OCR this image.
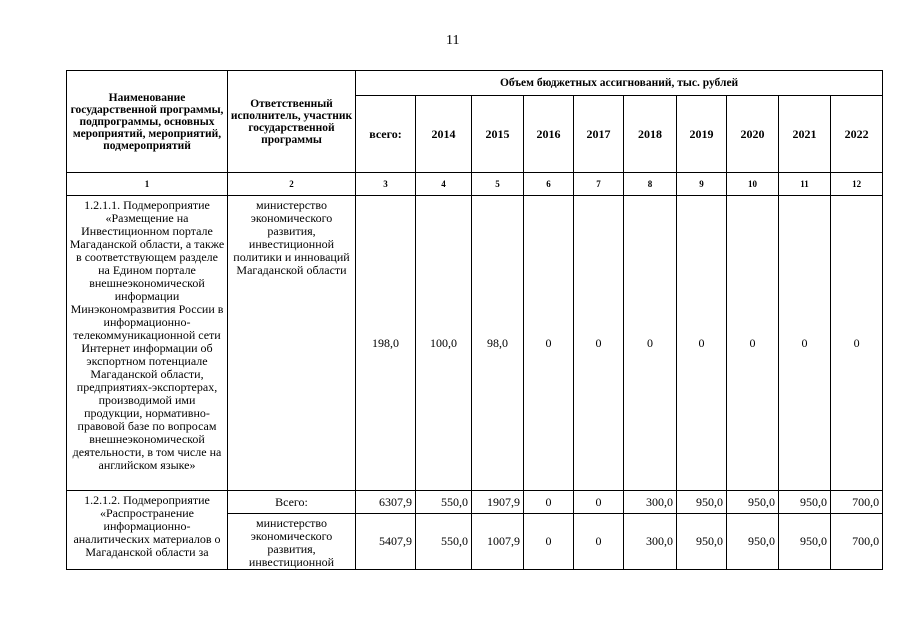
11
Наименование государственной программы, подпрограммы, основных мероприятий, мероприятий, подмероприятий	Ответственный исполнитель, участник государственной программы	Объем бюджетных ассигнований, тыс. рублей									
		всего:	2014	2015	2016	2017	2018	2019	2020	2021	2022
1	2	3	4	5	6	7	8	9	10	11	12
1.2.1.1. Подмероприятие «Размещение на Инвестиционном портале Магаданской области, а также в соответствующем разделе на Едином портале внешнеэкономической информации Минэкономразвития России в информационно-телекоммуникационной сети Интернет информации об экспортном потенциале Магаданской области, предприятиях-экспортерах, производимой ими продукции, нормативно-правовой базе по вопросам внешнеэкономической деятельности, в том числе на английском языке»	министерство экономического развития, инвестиционной политики и инноваций Магаданской области	198,0	100,0	98,0	0	0	0	0	0	0	0
1.2.1.2. Подмероприятие «Распространение информационно-аналитических материалов о Магаданской области за	Всего:	6307,9	550,0	1907,9	0	0	300,0	950,0	950,0	950,0	700,0
	министерство экономического развития, инвестиционной	5407,9	550,0	1007,9	0	0	300,0	950,0	950,0	950,0	700,0
